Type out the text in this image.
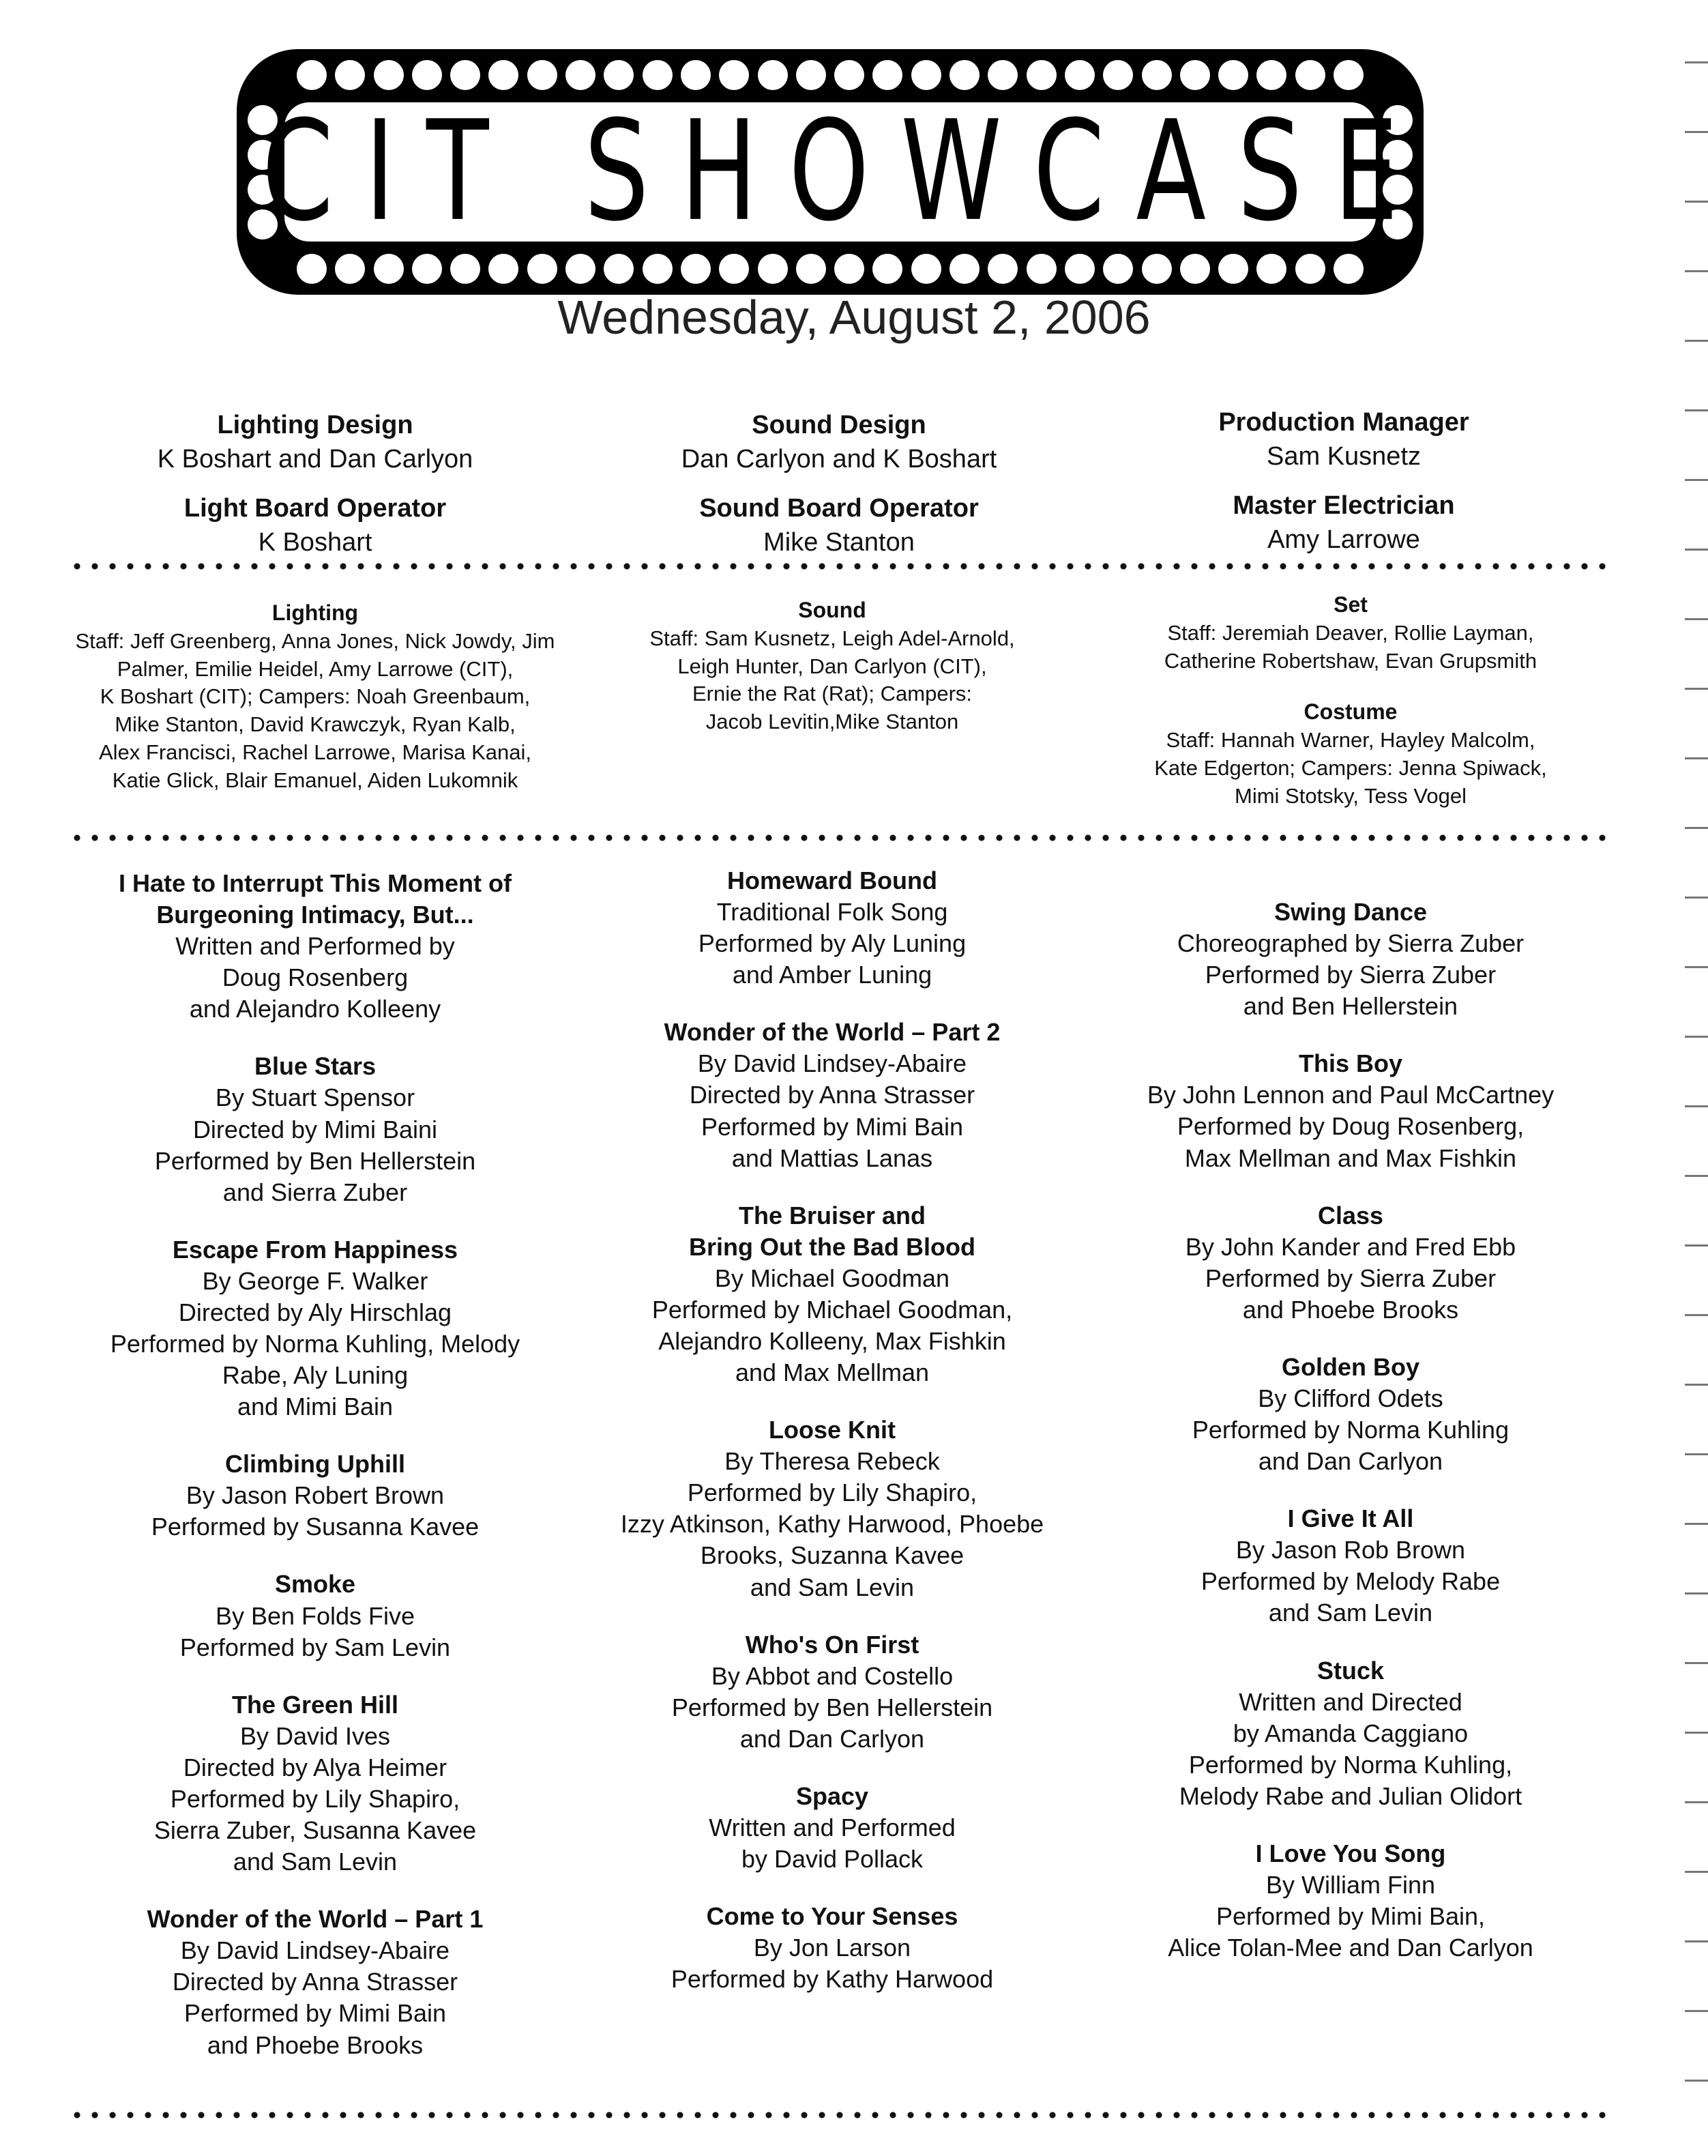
CIT SHOWCASE
Wednesday, August 2, 2006
Lighting Design
K Boshart and Dan Carlyon
Light Board Operator
K Boshart
Sound Design
Dan Carlyon and K Boshart
Sound Board Operator
Mike Stanton
Production Manager
Sam Kusnetz
Master Electrician
Amy Larrowe
Lighting
Staff: Jeff Greenberg, Anna Jones, Nick Jowdy, Jim
Palmer, Emilie Heidel, Amy Larrowe (CIT),
K Boshart (CIT); Campers: Noah Greenbaum,
Mike Stanton, David Krawczyk, Ryan Kalb,
Alex Francisci, Rachel Larrowe, Marisa Kanai,
Katie Glick, Blair Emanuel, Aiden Lukomnik
Sound
Staff: Sam Kusnetz, Leigh Adel-Arnold,
Leigh Hunter, Dan Carlyon (CIT),
Ernie the Rat (Rat); Campers:
Jacob Levitin,Mike Stanton
Set
Staff: Jeremiah Deaver, Rollie Layman,
Catherine Robertshaw, Evan Grupsmith
Costume
Staff: Hannah Warner, Hayley Malcolm,
Kate Edgerton; Campers: Jenna Spiwack,
Mimi Stotsky, Tess Vogel
I Hate to Interrupt This Moment of
Burgeoning Intimacy, But...
Written and Performed by
Doug Rosenberg
and Alejandro Kolleeny
Blue Stars
By Stuart Spensor
Directed by Mimi Baini
Performed by Ben Hellerstein
and Sierra Zuber
Escape From Happiness
By George F. Walker
Directed by Aly Hirschlag
Performed by Norma Kuhling, Melody
Rabe, Aly Luning
and Mimi Bain
Climbing Uphill
By Jason Robert Brown
Performed by Susanna Kavee
Smoke
By Ben Folds Five
Performed by Sam Levin
The Green Hill
By David Ives
Directed by Alya Heimer
Performed by Lily Shapiro,
Sierra Zuber, Susanna Kavee
and Sam Levin
Wonder of the World – Part 1
By David Lindsey-Abaire
Directed by Anna Strasser
Performed by Mimi Bain
and Phoebe Brooks
Homeward Bound
Traditional Folk Song
Performed by Aly Luning
and Amber Luning
Wonder of the World – Part 2
By David Lindsey-Abaire
Directed by Anna Strasser
Performed by Mimi Bain
and Mattias Lanas
The Bruiser and
Bring Out the Bad Blood
By Michael Goodman
Performed by Michael Goodman,
Alejandro Kolleeny, Max Fishkin
and Max Mellman
Loose Knit
By Theresa Rebeck
Performed by Lily Shapiro,
Izzy Atkinson, Kathy Harwood, Phoebe
Brooks, Suzanna Kavee
and Sam Levin
Who's On First
By Abbot and Costello
Performed by Ben Hellerstein
and Dan Carlyon
Spacy
Written and Performed
by David Pollack
Come to Your Senses
By Jon Larson
Performed by Kathy Harwood
Swing Dance
Choreographed by Sierra Zuber
Performed by Sierra Zuber
and Ben Hellerstein
This Boy
By John Lennon and Paul McCartney
Performed by Doug Rosenberg,
Max Mellman and Max Fishkin
Class
By John Kander and Fred Ebb
Performed by Sierra Zuber
and Phoebe Brooks
Golden Boy
By Clifford Odets
Performed by Norma Kuhling
and Dan Carlyon
I Give It All
By Jason Rob Brown
Performed by Melody Rabe
and Sam Levin
Stuck
Written and Directed
by Amanda Caggiano
Performed by Norma Kuhling,
Melody Rabe and Julian Olidort
I Love You Song
By William Finn
Performed by Mimi Bain,
Alice Tolan-Mee and Dan Carlyon
